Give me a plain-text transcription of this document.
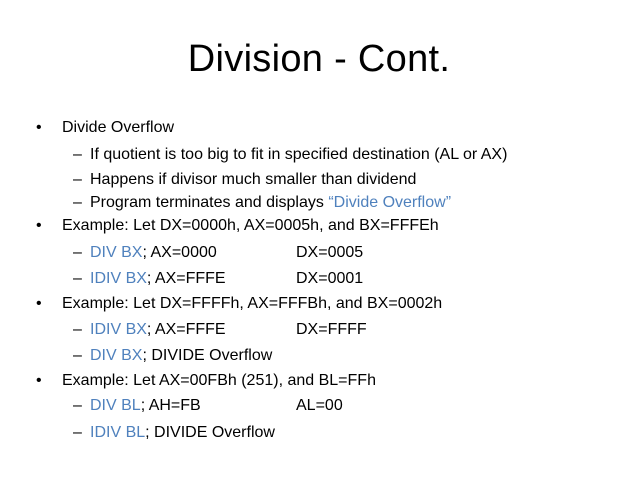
Division - Cont.
• Divide Overflow
– If quotient is too big to fit in specified destination (AL or AX)
– Happens if divisor much smaller than dividend
– Program terminates and displays “Divide Overflow”
• Example: Let DX=0000h, AX=0005h, and BX=FFFEh
– DIV BX; AX=0000	DX=0005
– IDIV BX; AX=FFFE	DX=0001
• Example: Let DX=FFFFh, AX=FFFBh, and BX=0002h
– IDIV BX; AX=FFFE	DX=FFFF
– DIV BX; DIVIDE Overflow
• Example: Let AX=00FBh (251), and BL=FFh
– DIV BL; AH=FB	AL=00
– IDIV BL; DIVIDE Overflow
